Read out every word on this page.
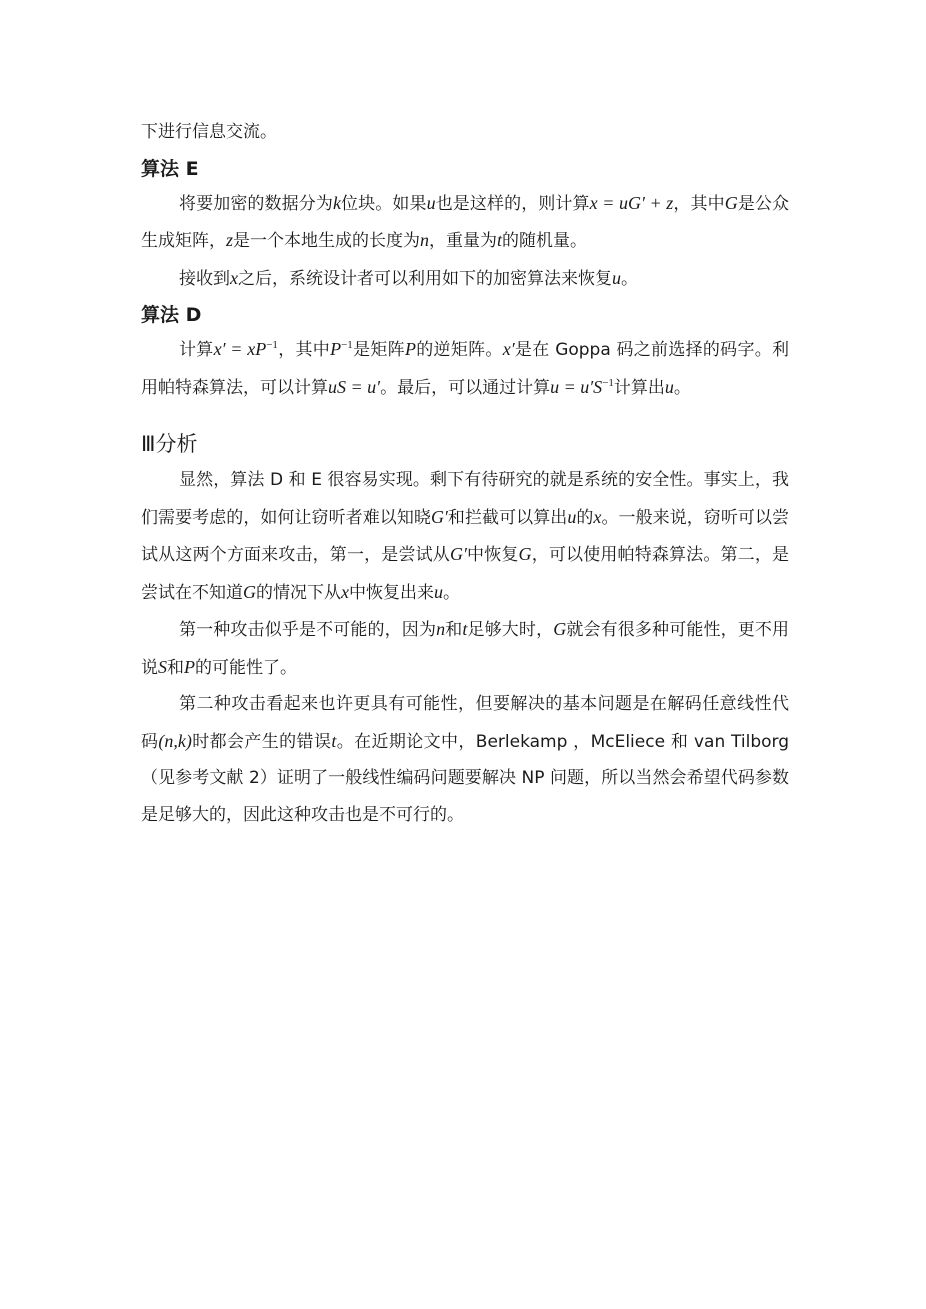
下进行信息交流。

算法 E

将要加密的数据分为k位块。如果u也是这样的，则计算x = uG′ + z，其中G是公众生成矩阵，z是一个本地生成的长度为n，重量为t的随机量。

接收到x之后，系统设计者可以利用如下的加密算法来恢复u。

算法 D

计算$x' = xP^{-1}$，其中$P^{-1}$是矩阵P的逆矩阵。x′是在 Goppa 码之前选择的码字。利用帕特森算法，可以计算uS = u′。最后，可以通过计算$u = u'S^{-1}$计算出u。

Ⅲ分析

显然，算法 D 和 E 很容易实现。剩下有待研究的就是系统的安全性。事实上，我们需要考虑的，如何让窃听者难以知晓G′和拦截可以算出u的x。一般来说，窃听可以尝试从这两个方面来攻击，第一，是尝试从G′中恢复G，可以使用帕特森算法。第二，是尝试在不知道G的情况下从x中恢复出来u。

第一种攻击似乎是不可能的，因为n和t足够大时，G就会有很多种可能性，更不用说S和P的可能性了。

第二种攻击看起来也许更具有可能性，但要解决的基本问题是在解码任意线性代码(n,k)时都会产生的错误t。在近期论文中，Berlekamp ，McEliece 和 van Tilborg（见参考文献 2）证明了一般线性编码问题要解决 NP 问题，所以当然会希望代码参数是足够大的，因此这种攻击也是不可行的。
